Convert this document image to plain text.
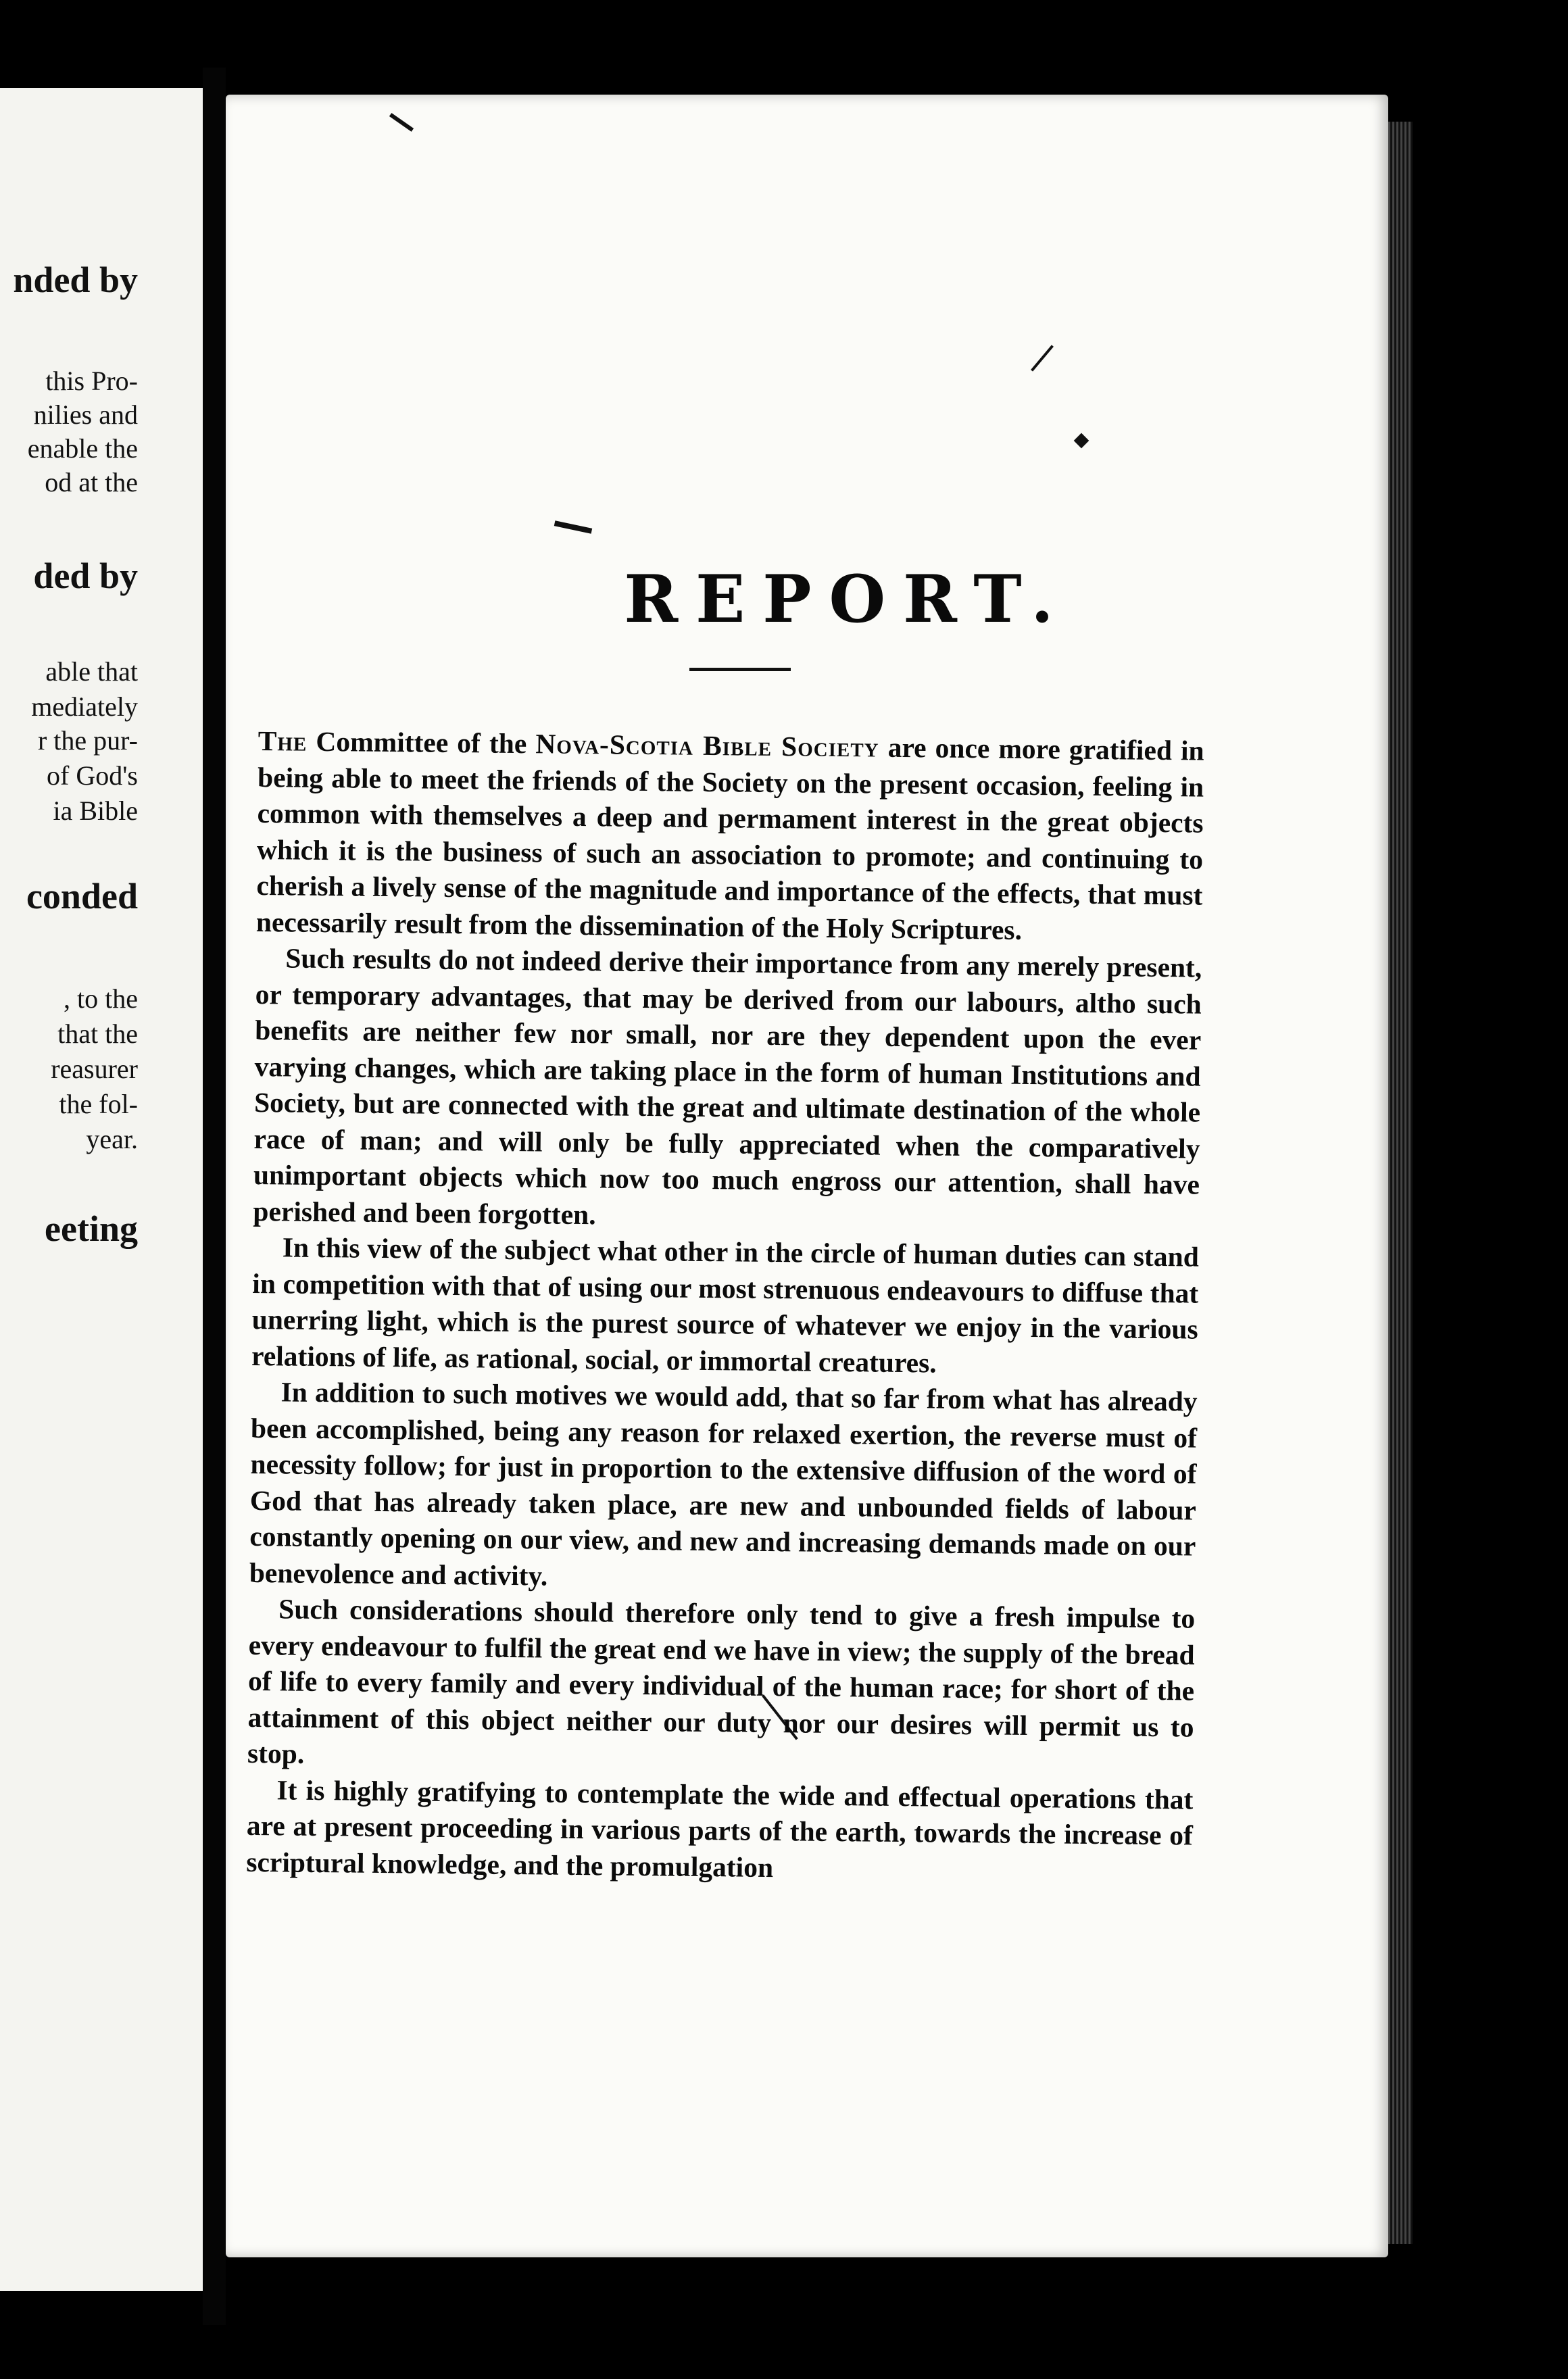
nded by
this Pro-
nilies and
enable the
od at the
ded by
able that
mediately
r the pur-
of God's
ia Bible
conded
, to the
that the
reasurer
the fol-
year.
eeting
REPORT.

The Committee of the Nova-Scotia Bible Society are once more gratified in being able to meet the friends of the Society on the present occasion, feeling in common with themselves a deep and permament interest in the great objects which it is the business of such an association to promote; and continuing to cherish a lively sense of the magnitude and importance of the effects, that must necessarily result from the dissemination of the Holy Scriptures.

Such results do not indeed derive their importance from any merely present, or temporary advantages, that may be derived from our labours, altho such benefits are neither few nor small, nor are they dependent upon the ever varying changes, which are taking place in the form of human Institutions and Society, but are connected with the great and ultimate destination of the whole race of man; and will only be fully appreciated when the comparatively unimportant objects which now too much engross our attention, shall have perished and been forgotten.

In this view of the subject what other in the circle of human duties can stand in competition with that of using our most strenuous endeavours to diffuse that unerring light, which is the purest source of whatever we enjoy in the various relations of life, as rational, social, or immortal creatures.

In addition to such motives we would add, that so far from what has already been accomplished, being any reason for relaxed exertion, the reverse must of necessity follow; for just in proportion to the extensive diffusion of the word of God that has already taken place, are new and unbounded fields of labour constantly opening on our view, and new and increasing demands made on our benevolence and activity.

Such considerations should therefore only tend to give a fresh impulse to every endeavour to fulfil the great end we have in view; the supply of the bread of life to every family and every individual of the human race; for short of the attainment of this object neither our duty nor our desires will permit us to stop.

It is highly gratifying to contemplate the wide and effectual operations that are at present proceeding in various parts of the earth, towards the increase of scriptural knowledge, and the promulgation
